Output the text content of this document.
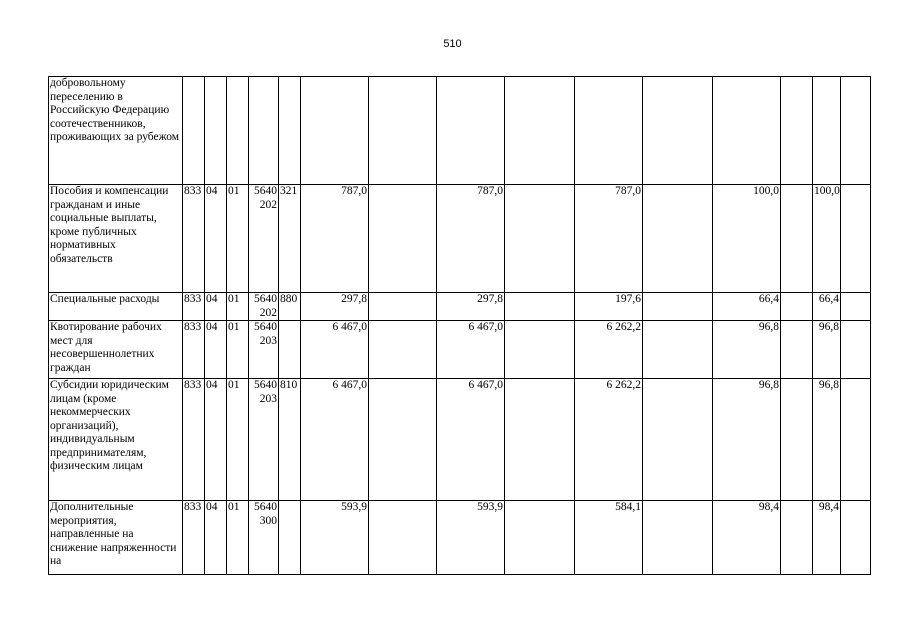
510
добровольному переселению в Российскую Федерацию соотечественников, проживающих за рубежом															
Пособия и компенсации гражданам и иные социальные выплаты, кроме публичных нормативных обязательств	833	04	01	5640 202	321	787,0		787,0		787,0		100,0		100,0	
Специальные расходы	833	04	01	5640 202	880	297,8		297,8		197,6		66,4		66,4	
Квотирование рабочих мест для несовершеннолетних граждан	833	04	01	5640 203		6 467,0		6 467,0		6 262,2		96,8		96,8	
Субсидии юридическим лицам (кроме некоммерческих организаций), индивидуальным предпринимателям, физическим лицам	833	04	01	5640 203	810	6 467,0		6 467,0		6 262,2		96,8		96,8	
Дополнительные мероприятия, направленные на снижение напряженности на	833	04	01	5640 300		593,9		593,9		584,1		98,4		98,4	
